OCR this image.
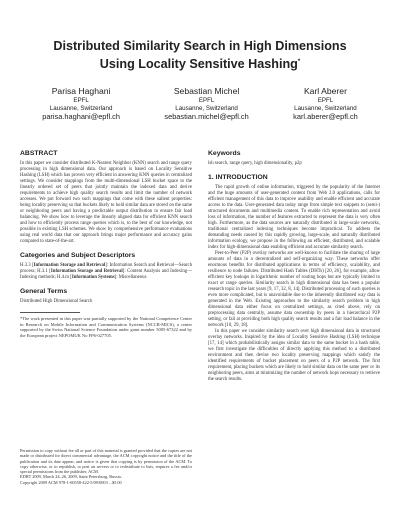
Distributed Similarity Search in High Dimensions
Using Locality Sensitive Hashing*
Parisa Haghani
EPFL
Lausanne, Switzerland
parisa.haghani@epfl.ch
Sebastian Michel
EPFL
Lausanne, Switzerland
sebastian.michel@epfl.ch
Karl Aberer
EPFL
Lausanne, Switzerland
karl.aberer@epfl.ch
ABSTRACT

In this paper we consider distributed K-Nearest Neighbor (KNN) search and range query processing in high dimensional data. Our approach is based on Locality Sensitive Hashing (LSH) which has proven very efficient in answering KNN queries in centralized settings. We consider mappings from the multi-dimensional LSH bucket space to the linearly ordered set of peers that jointly maintain the indexed data and derive requirements to achieve high quality search results and limit the number of network accesses. We put forward two such mappings that come with these salient properties: being locality preserving so that buckets likely to hold similar data are stored on the same or neighboring peers and having a predictable output distribution to ensure fair load balancing. We show how to leverage the linearly aligned data for efficient KNN search and how to efficiently process range queries which is, to the best of our knowledge, not possible in existing LSH schemes. We show by comprehensive performance evaluations using real world data that our approach brings major performance and accuracy gains compared to state-of-the-art.

Categories and Subject Descriptors

H.3.3 [Information Storage and Retrieval]: Information Search and Retrieval—Search process; H.3.1 [Information Storage and Retrieval]: Content Analysis and Indexing—Indexing methods; H.4.m [Information Systems]: Miscellaneous

General Terms

Distributed High Dimensional Search

*The work presented in this paper was partially supported by the National Competence Center in Research on Mobile Information and Communication Systems (NCCR-MICS), a center supported by the Swiss National Science Foundation under grant number 5005-67322 and by the European project NEPOMUK No FP6-027705.

Permission to copy without fee all or part of this material is granted provided that the copies are not made or distributed for direct commercial advantage, the ACM copyright notice and the title of the publication and its date appear, and notice is given that copying is by permission of the ACM. To copy otherwise, or to republish, to post on servers or to redistribute to lists, requires a fee and/or special permissions from the publisher, ACM.

EDBT 2009, March 24–26, 2009, Saint Petersburg, Russia.

Copyright 2009 ACM 978-1-60558-422-5/09/0003 ...$5.00

Keywords

lsh search, range query, high dimensionality, p2p

1. INTRODUCTION

The rapid growth of online information, triggered by the popularity of the Internet and the huge amounts of user-generated content from Web 2.0 applications, calls for efficient management of this data to improve usability and enable efficient and accurate access to the data. User-generated data today range from simple text snippets to (semi-) structured documents and multimedia content. To enable rich representation and avoid loss of information, the number of features extracted to represent the data is very often high. Furthermore, as the data sources are naturally distributed in large-scale networks, traditional centralized indexing techniques become impractical. To address the demanding needs caused by this rapidly growing, large-scale, and naturally distributed information ecology, we propose in the following an efficient, distributed, and scalable index for high-dimensional data enabling efficient and accurate similarity search.

Peer-to-Peer (P2P) overlay networks are well-known to facilitate the sharing of large amounts of data in a decentralized and self-organizing way. These networks offer enormous benefits for distributed applications in terms of efficiency, scalability, and resilience to node failures. Distributed Hash Tables (DHTs) [20, 26], for example, allow efficient key lookups in logarithmic number of routing hops but are typically limited to exact or range queries. Similarity search in high dimensional data has been a popular research topic in the last years [9, 17, 32, 8, 14]. Distributed processing of such queries is even more complicated, but is unavoidable due to the inherently distributed way data is generated in the Web. Existing approaches to the similarity search problem in high dimensional data either focus on centralized settings, as cited above, rely on preprocessing data centrally, assume data ownership by peers in a hierarchical P2P setting, or fail at providing both high quality search results and a fair load balance in the network [10, 29, 18].

In this paper we consider similarity search over high dimensional data in structured overlay networks. Inspired by the idea of Locality Sensitive Hashing (LSH) technique [17, 14] which probabilistically assigns similar data to the same bucket in a hash table, we first investigate the difficulties of directly applying this method to a distributed environment and then devise two locality preserving mappings which satisfy the identified requirements of bucket placement on peers of a P2P network. The first requirement, placing buckets which are likely to hold similar data on the same peer or its neighboring peers, aims at minimizing the number of network hops necessary to retrieve the search results.
